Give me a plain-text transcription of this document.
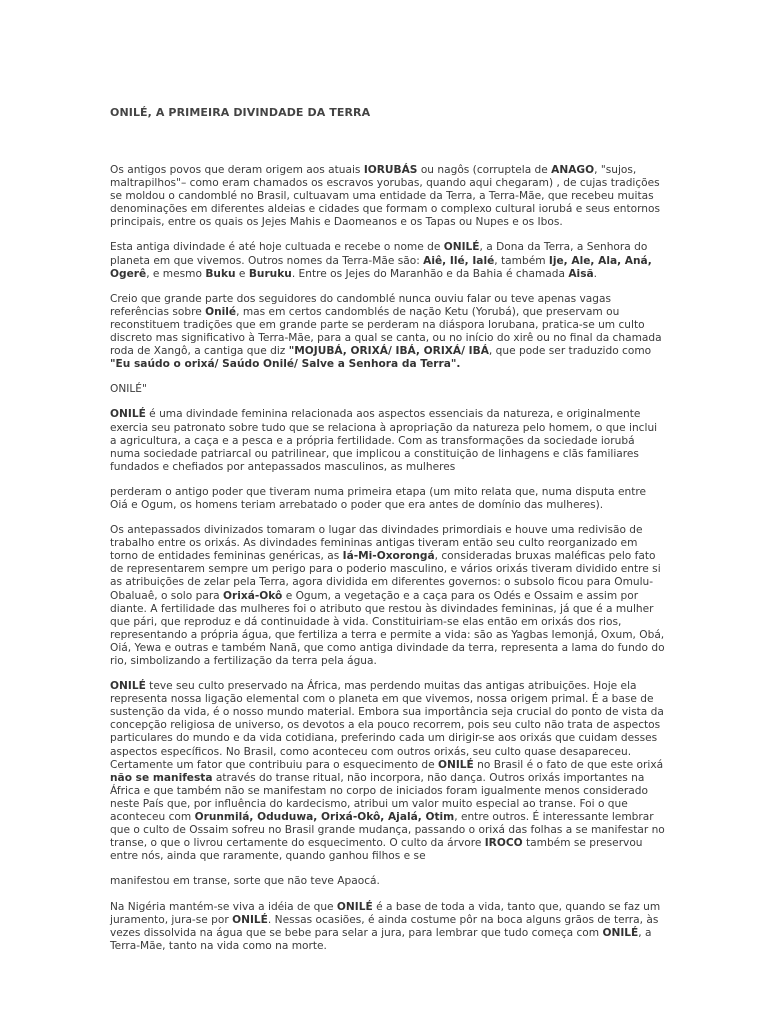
ONILÉ, A PRIMEIRA DIVINDADE DA TERRA

Os antigos povos que deram origem aos atuais IORUBÁS ou nagôs (corruptela de ANAGO, "sujos, maltrapilhos"– como eram chamados os escravos yorubas, quando aqui chegaram) , de cujas tradições se moldou o candomblé no Brasil, cultuavam uma entidade da Terra, a Terra-Mãe, que recebeu muitas denominações em diferentes aldeias e cidades que formam o complexo cultural iorubá e seus entornos principais, entre os quais os Jejes Mahis e Daomeanos e os Tapas ou Nupes e os Ibos.

Esta antiga divindade é até hoje cultuada e recebe o nome de ONILÉ, a Dona da Terra, a Senhora do planeta em que vivemos. Outros nomes da Terra-Mãe são: Aiê, Ilé, Ialé, também Ije, Ale, Ala, Aná, Ogerê, e mesmo Buku e Buruku. Entre os Jejes do Maranhão e da Bahia é chamada Aisã.

Creio que grande parte dos seguidores do candomblé nunca ouviu falar ou teve apenas vagas referências sobre Onilé, mas em certos candomblés de nação Ketu (Yorubá), que preservam ou reconstituem tradições que em grande parte se perderam na diáspora Iorubana, pratica-se um culto discreto mas significativo à Terra-Mãe, para a qual se canta, ou no início do xirê ou no final da chamada roda de Xangô, a cantiga que diz "MOJUBÁ, ORIXÁ/ IBÁ, ORIXÁ/ IBÁ, que pode ser traduzido como "Eu saúdo o orixá/ Saúdo Onilé/ Salve a Senhora da Terra".

ONILÉ"

ONILÉ é uma divindade feminina relacionada aos aspectos essenciais da natureza, e originalmente exercia seu patronato sobre tudo que se relaciona à apropriação da natureza pelo homem, o que inclui a agricultura, a caça e a pesca e a própria fertilidade. Com as transformações da sociedade iorubá numa sociedade patriarcal ou patrilinear, que implicou a constituição de linhagens e clãs familiares fundados e chefiados por antepassados masculinos, as mulheres

perderam o antigo poder que tiveram numa primeira etapa (um mito relata que, numa disputa entre Oiá e Ogum, os homens teriam arrebatado o poder que era antes de domínio das mulheres).

Os antepassados divinizados tomaram o lugar das divindades primordiais e houve uma redivisão de trabalho entre os orixás. As divindades femininas antigas tiveram então seu culto reorganizado em torno de entidades femininas genéricas, as Iá-Mi-Oxorongá, consideradas bruxas maléficas pelo fato de representarem sempre um perigo para o poderio masculino, e vários orixás tiveram dividido entre si as atribuições de zelar pela Terra, agora dividida em diferentes governos: o subsolo ficou para Omulu-Obaluaê, o solo para Orixá-Okô e Ogum, a vegetação e a caça para os Odés e Ossaim e assim por diante. A fertilidade das mulheres foi o atributo que restou às divindades femininas, já que é a mulher que pári, que reproduz e dá continuidade à vida. Constituiriam-se elas então em orixás dos rios, representando a própria água, que fertiliza a terra e permite a vida: são as Yagbas Iemonjá, Oxum, Obá, Oiá, Yewa e outras e também Nanã, que como antiga divindade da terra, representa a lama do fundo do rio, simbolizando a fertilização da terra pela água.

ONILÉ teve seu culto preservado na África, mas perdendo muitas das antigas atribuições. Hoje ela representa nossa ligação elemental com o planeta em que vivemos, nossa origem primal. É a base de sustenção da vida, é o nosso mundo material. Embora sua importância seja crucial do ponto de vista da concepção religiosa de universo, os devotos a ela pouco recorrem, pois seu culto não trata de aspectos particulares do mundo e da vida cotidiana, preferindo cada um dirigir-se aos orixás que cuidam desses aspectos específicos. No Brasil, como aconteceu com outros orixás, seu culto quase desapareceu. Certamente um fator que contribuiu para o esquecimento de ONILÉ no Brasil é o fato de que este orixá não se manifesta através do transe ritual, não incorpora, não dança. Outros orixás importantes na África e que também não se manifestam no corpo de iniciados foram igualmente menos considerado neste País que, por influência do kardecismo, atribui um valor muito especial ao transe. Foi o que aconteceu com Orunmilá, Oduduwa, Orixá-Okô, Ajalá, Otim, entre outros. É interessante lembrar que o culto de Ossaim sofreu no Brasil grande mudança, passando o orixá das folhas a se manifestar no transe, o que o livrou certamente do esquecimento. O culto da árvore IROCO também se preservou entre nós, ainda que raramente, quando ganhou filhos e se

manifestou em transe, sorte que não teve Apaocá.

Na Nigéria mantém-se viva a idéia de que ONILÉ é a base de toda a vida, tanto que, quando se faz um juramento, jura-se por ONILÉ. Nessas ocasiões, é ainda costume pôr na boca alguns grãos de terra, às vezes dissolvida na água que se bebe para selar a jura, para lembrar que tudo começa com ONILÉ, a Terra-Mãe, tanto na vida como na morte.
